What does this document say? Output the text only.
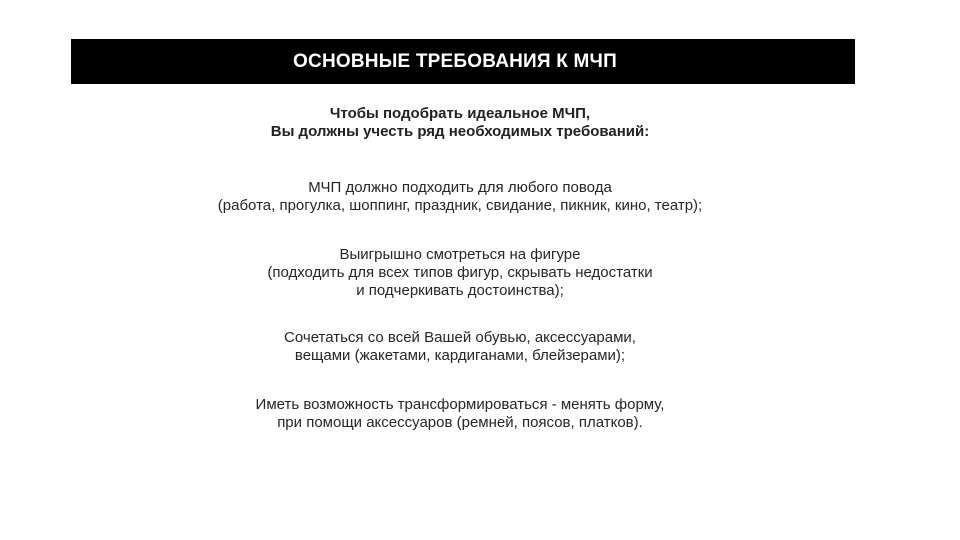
ОСНОВНЫЕ ТРЕБОВАНИЯ К МЧП
Чтобы подобрать идеальное МЧП,
Вы должны учесть ряд необходимых требований:
МЧП должно подходить для любого повода
(работа, прогулка, шоппинг, праздник, свидание, пикник, кино, театр);
Выигрышно смотреться на фигуре
(подходить для всех типов фигур, скрывать недостатки
и подчеркивать достоинства);
Сочетаться со всей Вашей обувью, аксессуарами,
вещами (жакетами, кардиганами, блейзерами);
Иметь возможность трансформироваться - менять форму,
при помощи аксессуаров (ремней, поясов, платков).
